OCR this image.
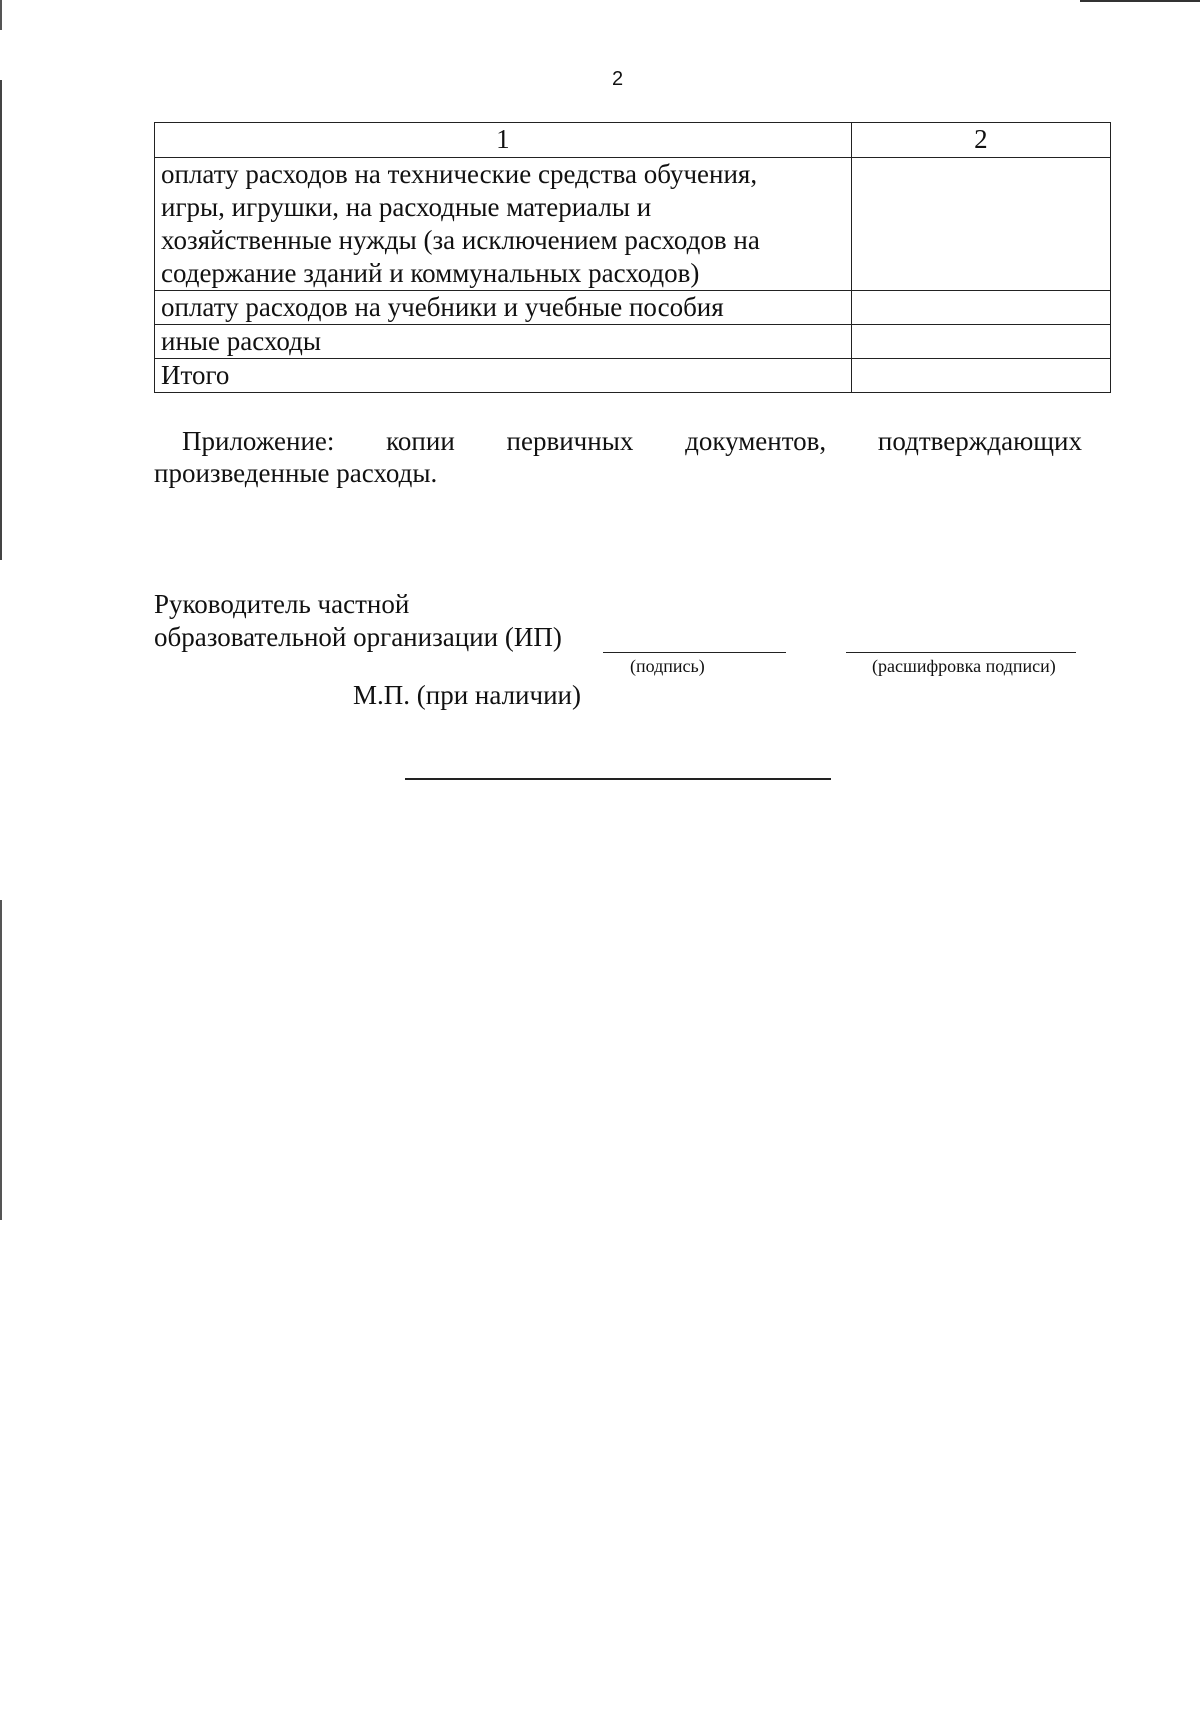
2
1	2

оплату расходов на технические средства обучения,
игры, игрушки, на расходные материалы и
хозяйственные нужды (за исключением расходов на
содержание зданий и коммунальных расходов)	

оплату расходов на учебники и учебные пособия	

иные расходы	

Итого	

Приложение: копии первичных документов, подтверждающих
произведенные расходы.
Руководитель частной
образовательной организации (ИП)
(подпись)	(расшифровка подписи)
М.П. (при наличии)
